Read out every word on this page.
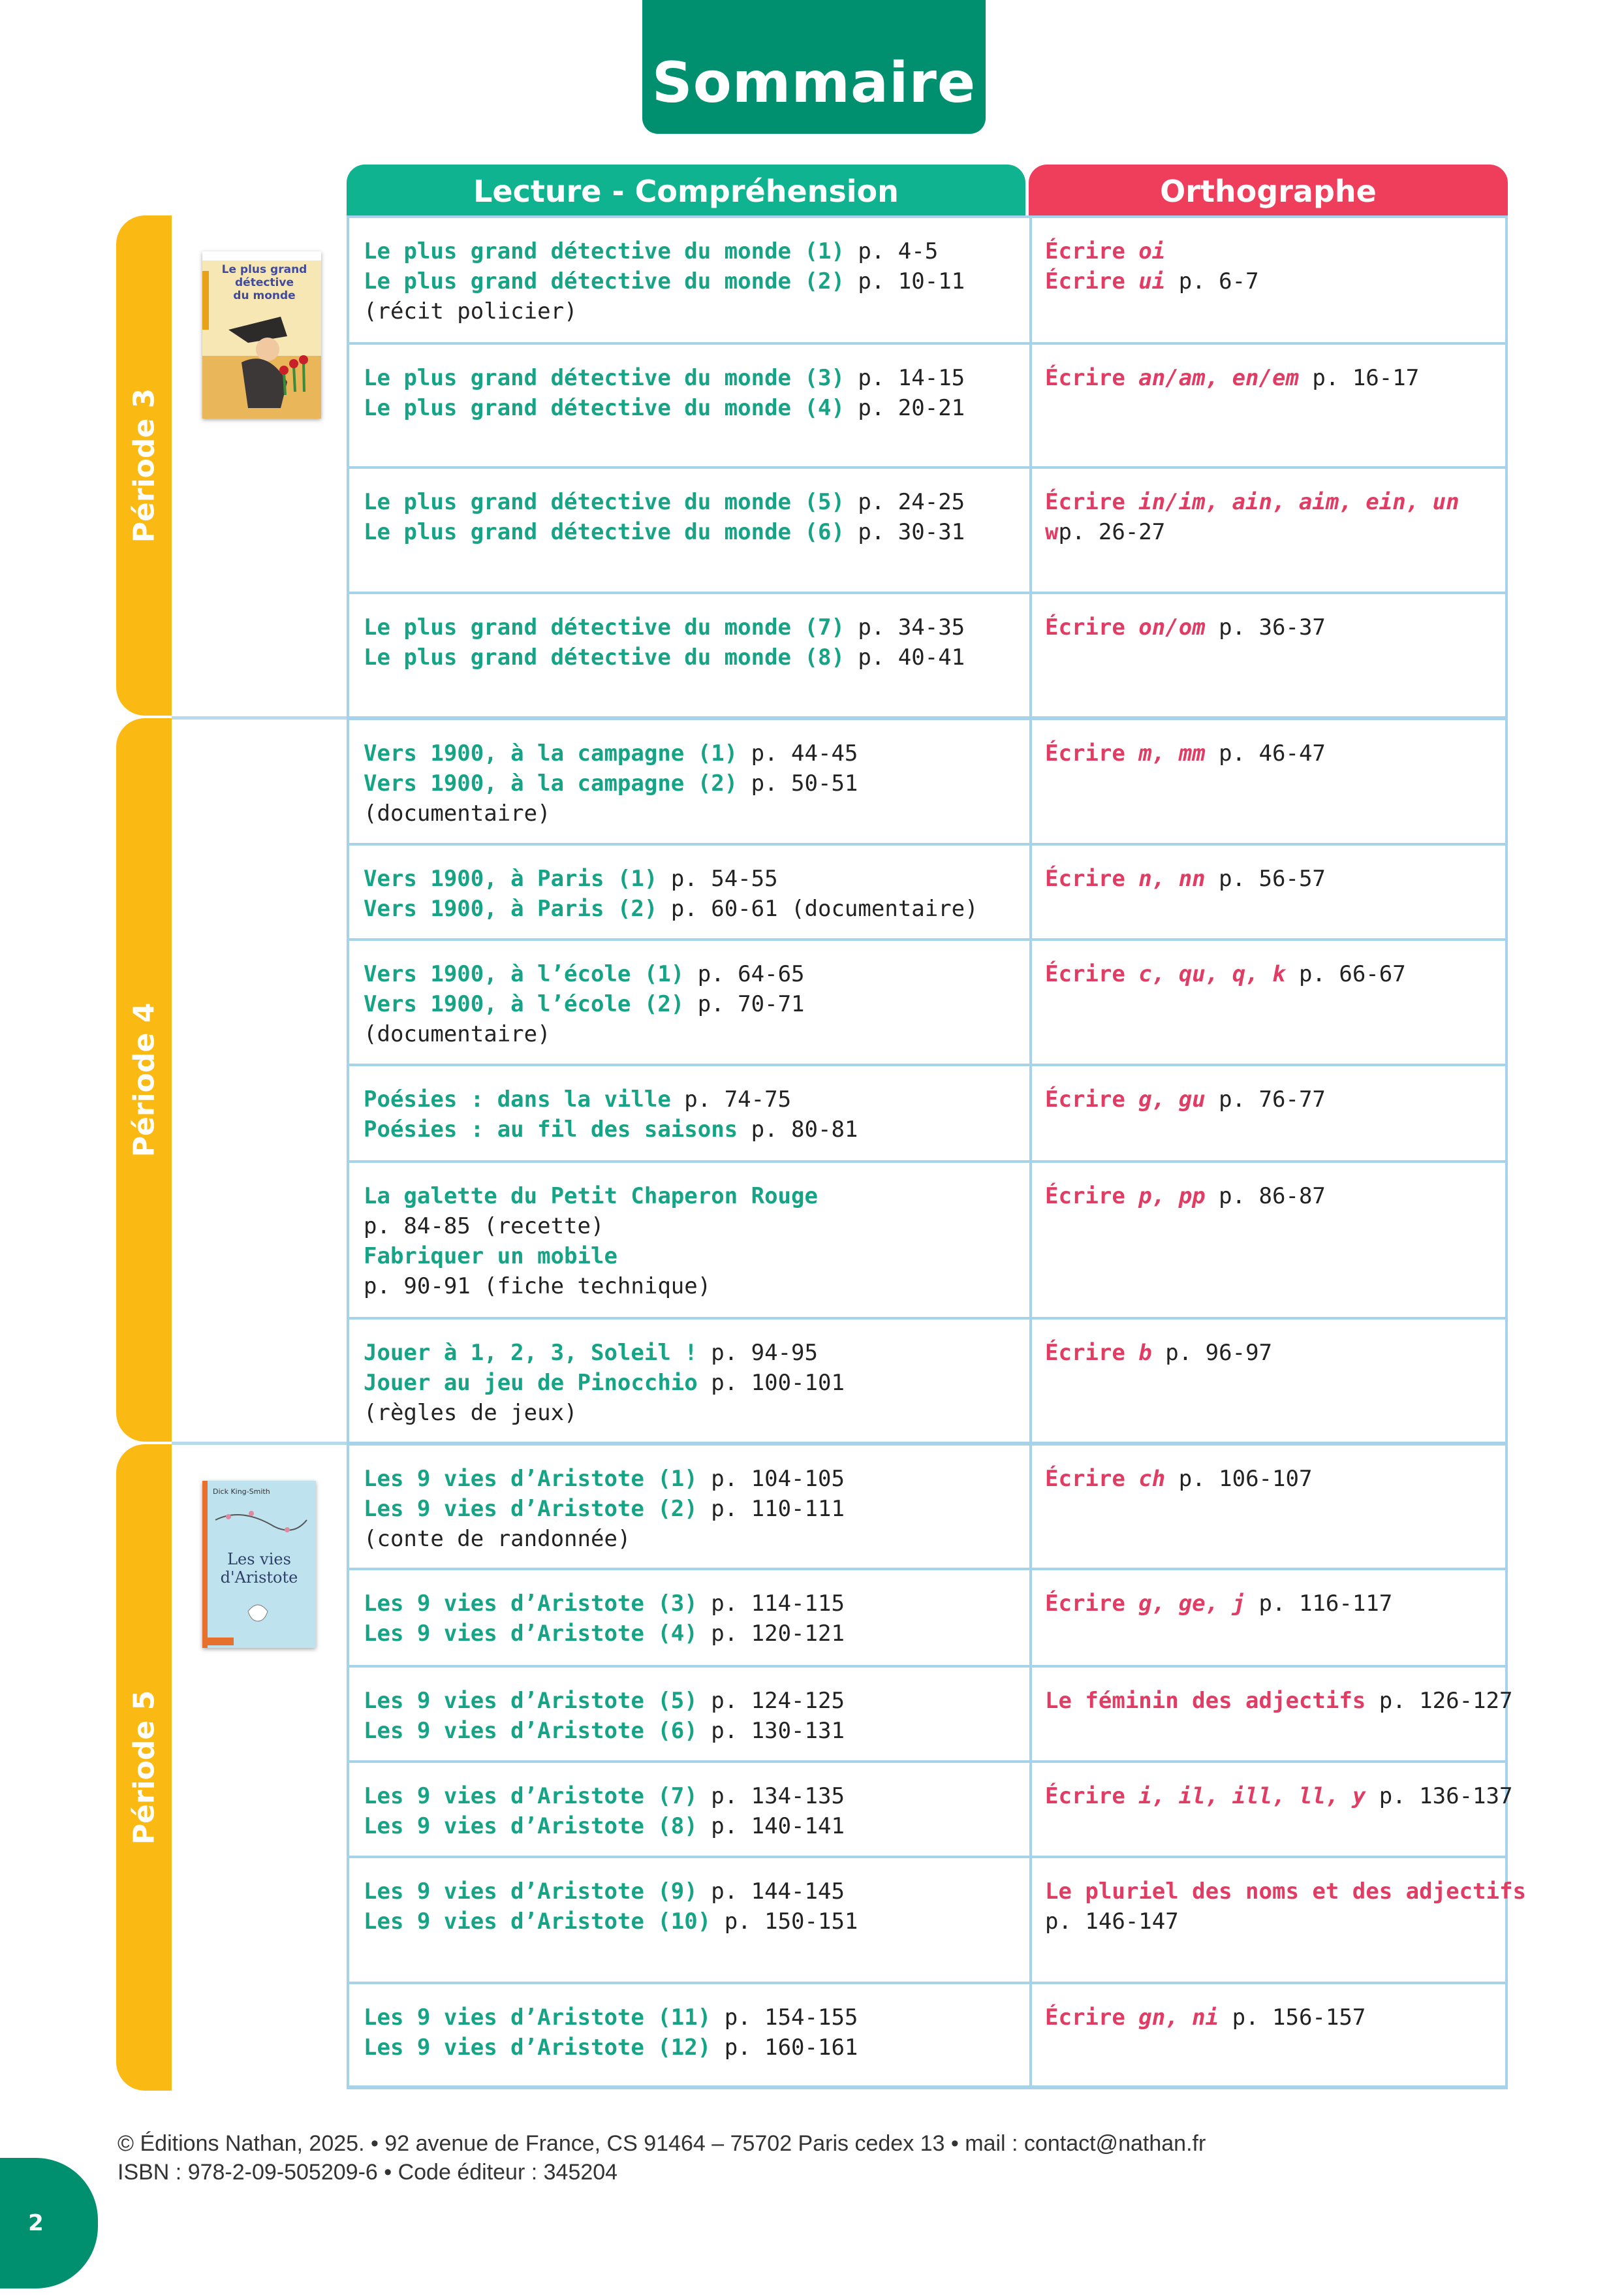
Sommaire
Lecture - Compréhension	Orthographe
Période 3
Période 4
Période 5
Le plus grand
détective
du monde
Dick King-Smith
Les vies
d'Aristote
Le plus grand détective du monde (1) p. 4-5
Le plus grand détective du monde (2) p. 10-11
(récit policier)
Écrire oi
Écrire ui p. 6-7
Le plus grand détective du monde (3) p. 14-15
Le plus grand détective du monde (4) p. 20-21
Écrire an/am, en/em p. 16-17
Le plus grand détective du monde (5) p. 24-25
Le plus grand détective du monde (6) p. 30-31
Écrire in/im, ain, aim, ein, un
wp. 26-27
Le plus grand détective du monde (7) p. 34-35
Le plus grand détective du monde (8) p. 40-41
Écrire on/om p. 36-37
Vers 1900, à la campagne (1) p. 44-45
Vers 1900, à la campagne (2) p. 50-51
(documentaire)
Écrire m, mm p. 46-47
Vers 1900, à Paris (1) p. 54-55
Vers 1900, à Paris (2) p. 60-61 (documentaire)
Écrire n, nn p. 56-57
Vers 1900, à l’école (1) p. 64-65
Vers 1900, à l’école (2) p. 70-71
(documentaire)
Écrire c, qu, q, k p. 66-67
Poésies : dans la ville p. 74-75
Poésies : au fil des saisons p. 80-81
Écrire g, gu p. 76-77
La galette du Petit Chaperon Rouge
p. 84-85 (recette)
Fabriquer un mobile
p. 90-91 (fiche technique)
Écrire p, pp p. 86-87
Jouer à 1, 2, 3, Soleil ! p. 94-95
Jouer au jeu de Pinocchio p. 100-101
(règles de jeux)
Écrire b p. 96-97
Les 9 vies d’Aristote (1) p. 104-105
Les 9 vies d’Aristote (2) p. 110-111
(conte de randonnée)
Écrire ch p. 106-107
Les 9 vies d’Aristote (3) p. 114-115
Les 9 vies d’Aristote (4) p. 120-121
Écrire g, ge, j p. 116-117
Les 9 vies d’Aristote (5) p. 124-125
Les 9 vies d’Aristote (6) p. 130-131
Le féminin des adjectifs p. 126-127
Les 9 vies d’Aristote (7) p. 134-135
Les 9 vies d’Aristote (8) p. 140-141
Écrire i, il, ill, ll, y p. 136-137
Les 9 vies d’Aristote (9) p. 144-145
Les 9 vies d’Aristote (10) p. 150-151
Le pluriel des noms et des adjectifs
p. 146-147
Les 9 vies d’Aristote (11) p. 154-155
Les 9 vies d’Aristote (12) p. 160-161
Écrire gn, ni p. 156-157
© Éditions Nathan, 2025. • 92 avenue de France, CS 91464 – 75702 Paris cedex 13 • mail : contact@nathan.fr
ISBN : 978-2-09-505209-6 • Code éditeur : 345204
2
